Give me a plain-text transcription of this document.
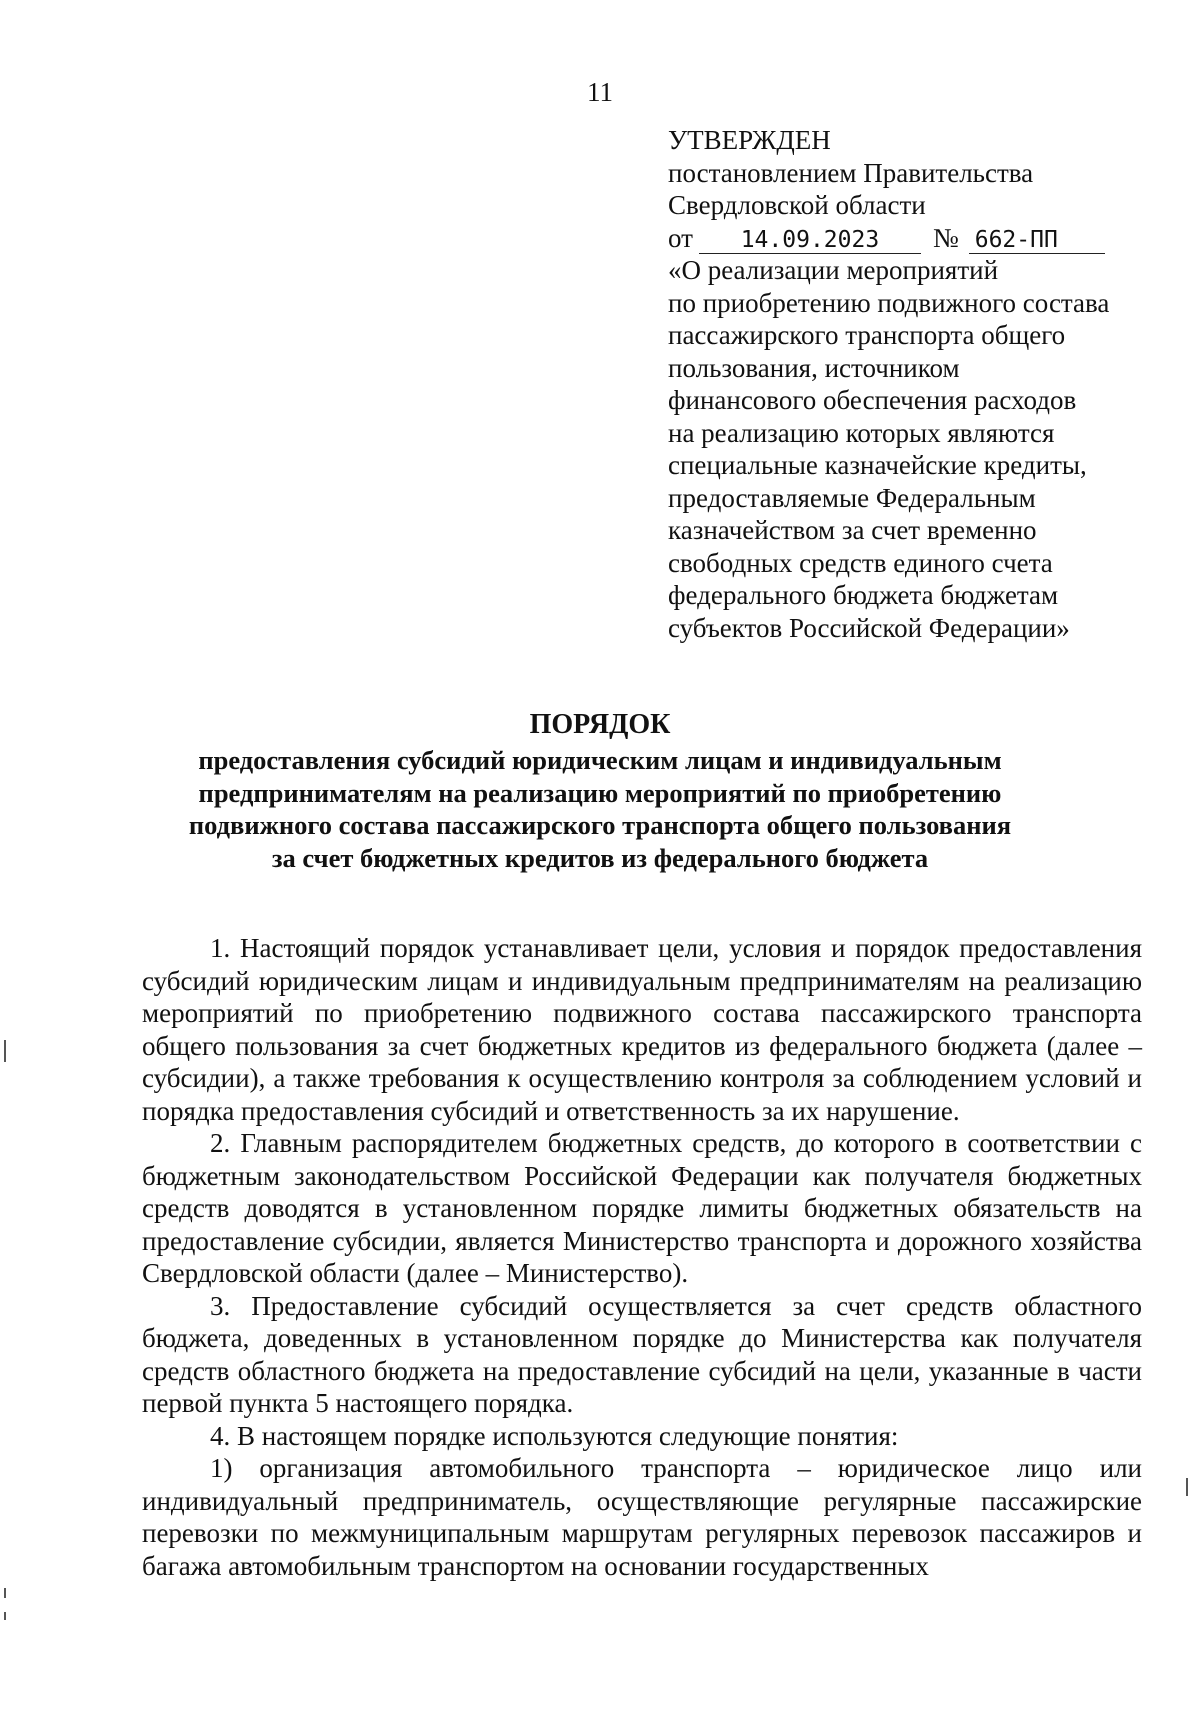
11
УТВЕРЖДЕН
постановлением Правительства
Свердловской области
от	14.09.2023	№ 662-ПП
«О реализации мероприятий
по приобретению подвижного состава
пассажирского транспорта общего
пользования, источником
финансового обеспечения расходов
на реализацию которых являются
специальные казначейские кредиты,
предоставляемые Федеральным
казначейством за счет временно
свободных средств единого счета
федерального бюджета бюджетам
субъектов Российской Федерации»
ПОРЯДОК
предоставления субсидий юридическим лицам и индивидуальным
предпринимателям на реализацию мероприятий по приобретению
подвижного состава пассажирского транспорта общего пользования
за счет бюджетных кредитов из федерального бюджета

1. Настоящий порядок устанавливает цели, условия и порядок предоставления субсидий юридическим лицам и индивидуальным предпринимателям на реализацию мероприятий по приобретению подвижного состава пассажирского транспорта общего пользования за счет бюджетных кредитов из федерального бюджета (далее – субсидии), а также требования к осуществлению контроля за соблюдением условий и порядка предоставления субсидий и ответственность за их нарушение.

2. Главным распорядителем бюджетных средств, до которого в соответствии с бюджетным законодательством Российской Федерации как получателя бюджетных средств доводятся в установленном порядке лимиты бюджетных обязательств на предоставление субсидии, является Министерство транспорта и дорожного хозяйства Свердловской области (далее – Министерство).

3. Предоставление субсидий осуществляется за счет средств областного бюджета, доведенных в установленном порядке до Министерства как получателя средств областного бюджета на предоставление субсидий на цели, указанные в части первой пункта 5 настоящего порядка.

4. В настоящем порядке используются следующие понятия:

1) организация автомобильного транспорта – юридическое лицо или индивидуальный предприниматель, осуществляющие регулярные пассажирские перевозки по межмуниципальным маршрутам регулярных перевозок пассажиров и багажа автомобильным транспортом на основании государственных
